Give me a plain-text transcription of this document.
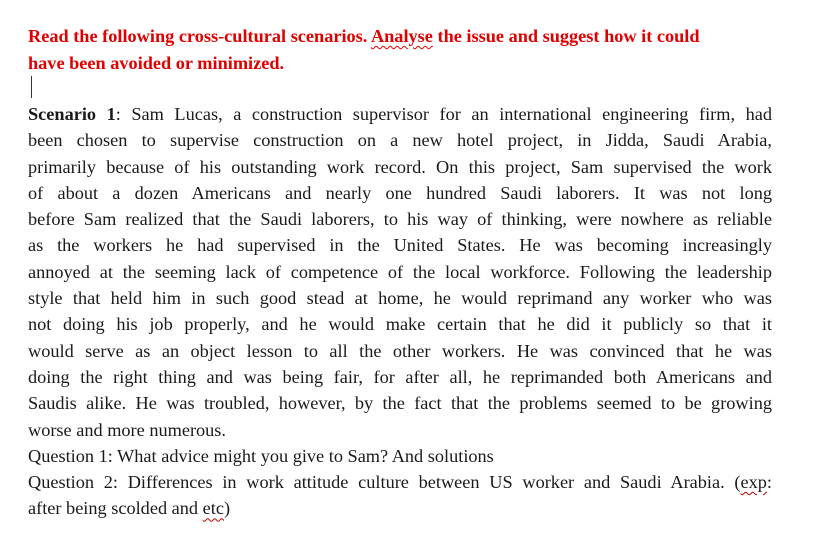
Read the following cross-cultural scenarios. Analyse the issue and suggest how it could
have been avoided or minimized.
Scenario 1: Sam Lucas, a construction supervisor for an international engineering firm, had
been chosen to supervise construction on a new hotel project, in Jidda, Saudi Arabia,
primarily because of his outstanding work record. On this project, Sam supervised the work
of about a dozen Americans and nearly one hundred Saudi laborers. It was not long
before Sam realized that the Saudi laborers, to his way of thinking, were nowhere as reliable
as the workers he had supervised in the United States. He was becoming increasingly
annoyed at the seeming lack of competence of the local workforce. Following the leadership
style that held him in such good stead at home, he would reprimand any worker who was
not doing his job properly, and he would make certain that he did it publicly so that it
would serve as an object lesson to all the other workers. He was convinced that he was
doing the right thing and was being fair, for after all, he reprimanded both Americans and
Saudis alike. He was troubled, however, by the fact that the problems seemed to be growing
worse and more numerous.
Question 1: What advice might you give to Sam? And solutions
Question 2: Differences in work attitude culture between US worker and Saudi Arabia. (exp:
after being scolded and etc)
